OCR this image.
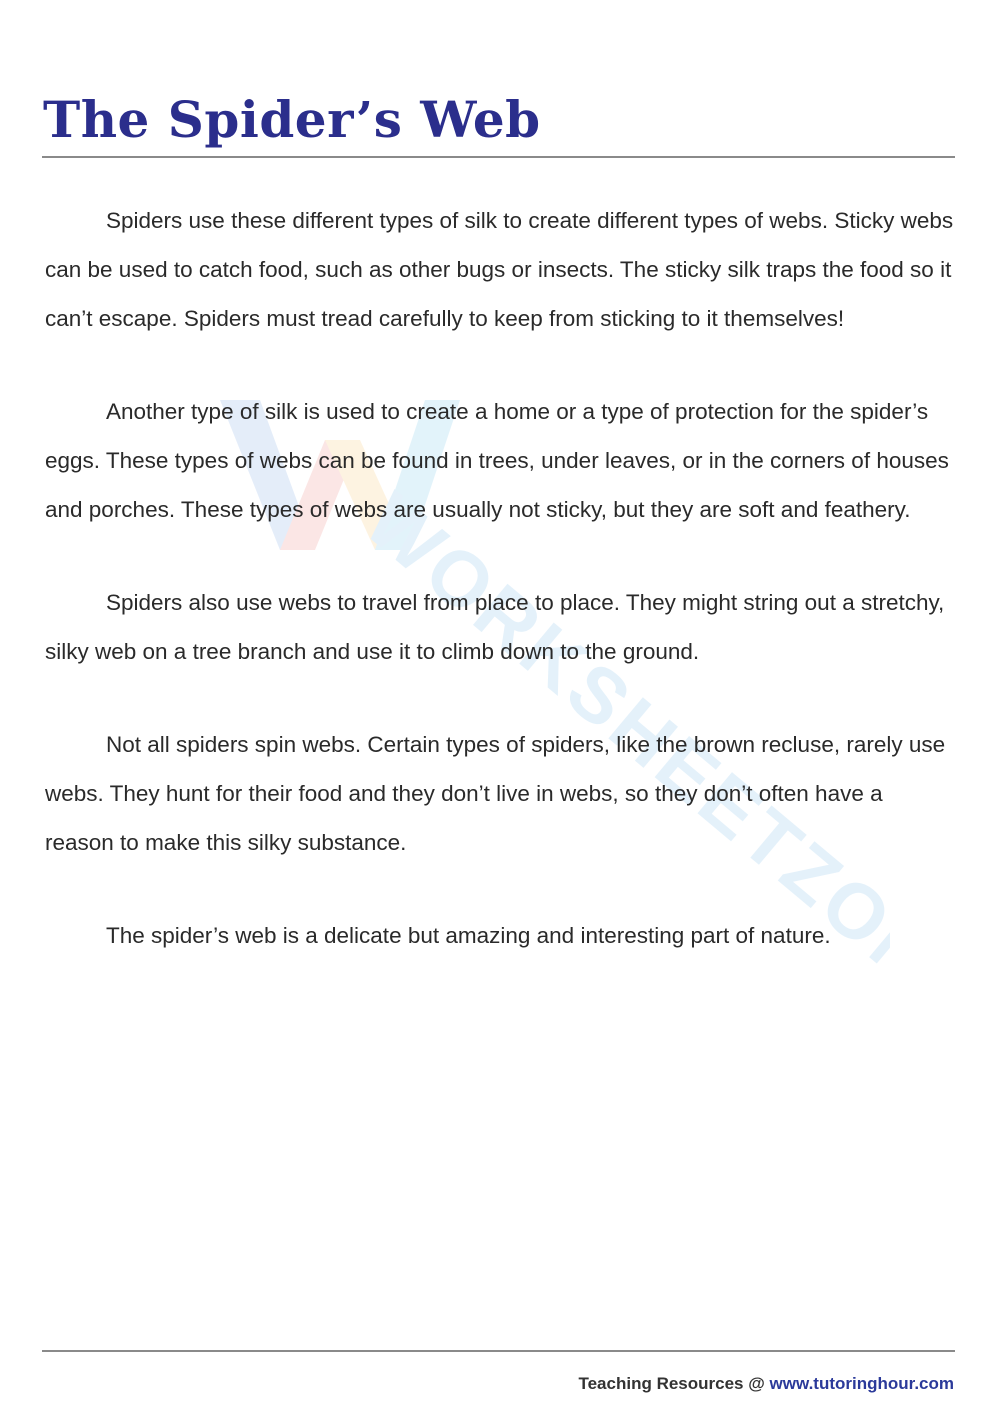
WORKSHEETZONE
The Spider’s Web

Spiders use these different types of silk to create different types of webs. Sticky webs can be used to catch food, such as other bugs or insects. The sticky silk traps the food so it can’t escape. Spiders must tread carefully to keep from sticking to it themselves!

Another type of silk is used to create a home or a type of protection for the spider’s eggs. These types of webs can be found in trees, under leaves, or in the corners of houses and porches. These types of webs are usually not sticky, but they are soft and feathery.

Spiders also use webs to travel from place to place. They might string out a stretchy, silky web on a tree branch and use it to climb down to the ground.

Not all spiders spin webs. Certain types of spiders, like the brown recluse, rarely use webs. They hunt for their food and they don’t live in webs, so they don’t often have a reason to make this silky substance.

The spider’s web is a delicate but amazing and interesting part of nature.

Teaching Resources @ www.tutoringhour.com
